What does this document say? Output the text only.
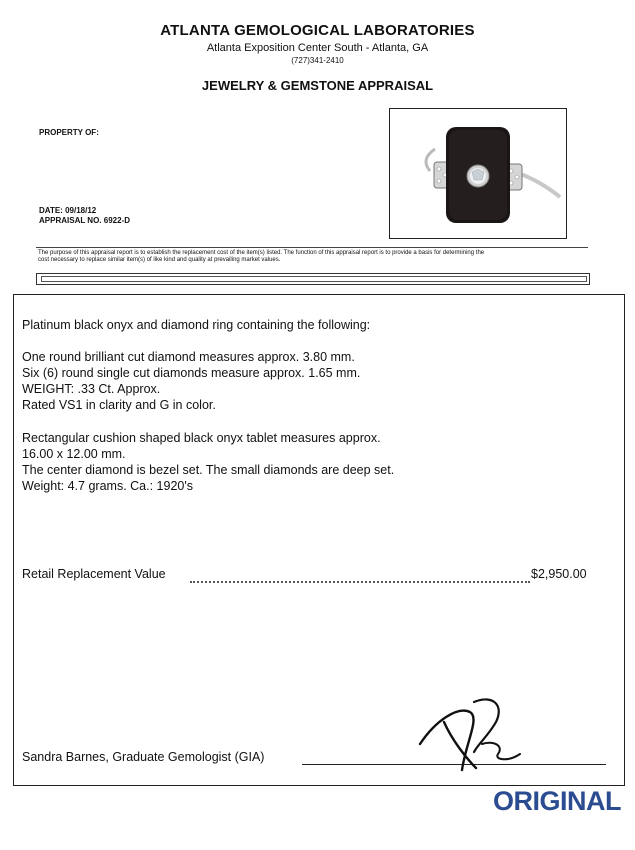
ATLANTA GEMOLOGICAL LABORATORIES
Atlanta Exposition Center South - Atlanta, GA
(727)341-2410
JEWELRY & GEMSTONE APPRAISAL
PROPERTY OF:
DATE: 09/18/12
APPRAISAL NO. 6922-D
The purpose of this appraisal report is to establish the replacement cost of the item(s) listed. The function of this appraisal report is to provide a basis for determining the
cost necessary to replace similar item(s) of like kind and quality at prevailing market values.
Platinum black onyx and diamond ring containing the following:
One round brilliant cut diamond measures approx. 3.80 mm.
Six (6) round single cut diamonds measure approx. 1.65 mm.
WEIGHT: .33 Ct. Approx.
Rated VS1 in clarity and G in color.
Rectangular cushion shaped black onyx tablet measures approx.
16.00 x 12.00 mm.
The center diamond is bezel set. The small diamonds are deep set.
Weight: 4.7 grams. Ca.: 1920's
Retail Replacement Value	$2,950.00
Sandra Barnes, Graduate Gemologist (GIA)
ORIGINAL
